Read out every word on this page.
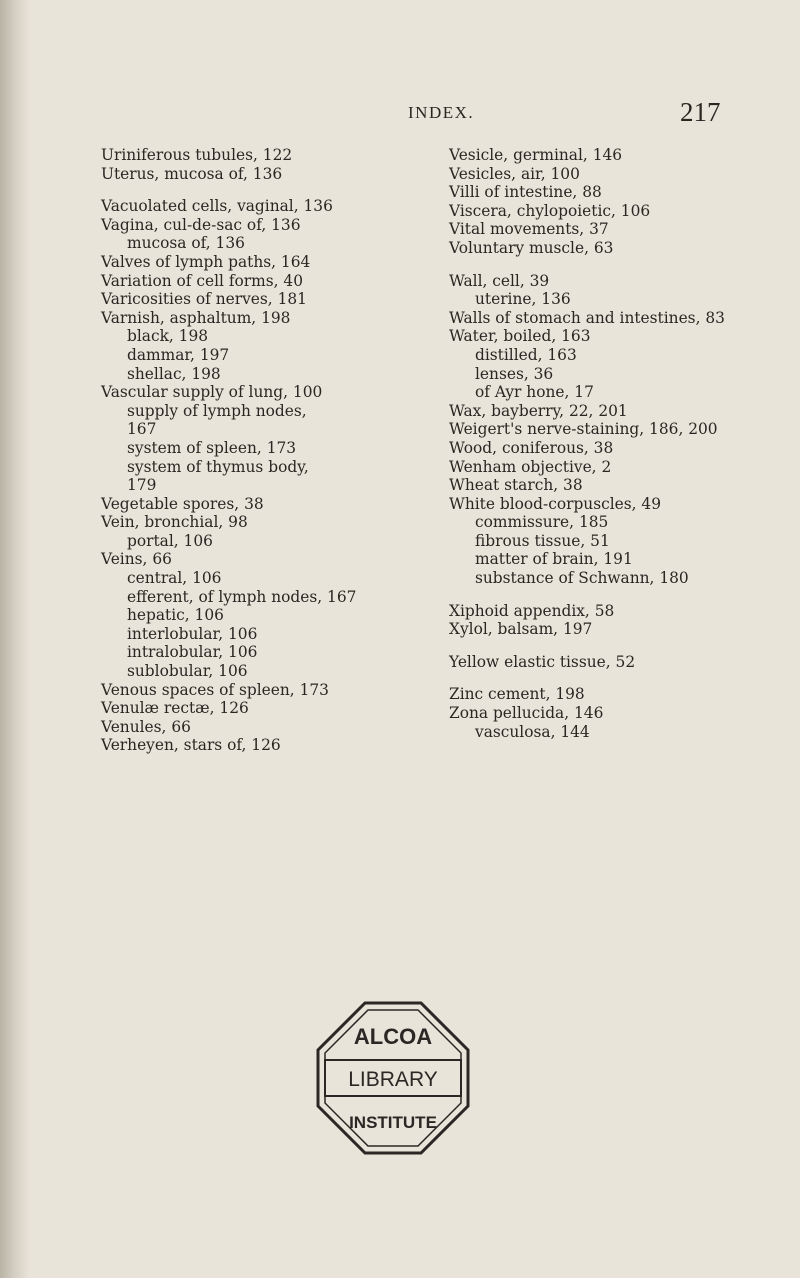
INDEX.	217
Uriniferous tubules, 122
Uterus, mucosa of, 136
Vacuolated cells, vaginal, 136
Vagina, cul-de-sac of, 136
mucosa of, 136
Valves of lymph paths, 164
Variation of cell forms, 40
Varicosities of nerves, 181
Varnish, asphaltum, 198
black, 198
dammar, 197
shellac, 198
Vascular supply of lung, 100
supply of lymph nodes,
167
system of spleen, 173
system of thymus body,
179
Vegetable spores, 38
Vein, bronchial, 98
portal, 106
Veins, 66
central, 106
efferent, of lymph nodes, 167
hepatic, 106
interlobular, 106
intralobular, 106
sublobular, 106
Venous spaces of spleen, 173
Venulæ rectæ, 126
Venules, 66
Verheyen, stars of, 126
Vesicle, germinal, 146
Vesicles, air, 100
Villi of intestine, 88
Viscera, chylopoietic, 106
Vital movements, 37
Voluntary muscle, 63
Wall, cell, 39
uterine, 136
Walls of stomach and intestines, 83
Water, boiled, 163
distilled, 163
lenses, 36
of Ayr hone, 17
Wax, bayberry, 22, 201
Weigert's nerve-staining, 186, 200
Wood, coniferous, 38
Wenham objective, 2
Wheat starch, 38
White blood-corpuscles, 49
commissure, 185
fibrous tissue, 51
matter of brain, 191
substance of Schwann, 180
Xiphoid appendix, 58
Xylol, balsam, 197
Yellow elastic tissue, 52
Zinc cement, 198
Zona pellucida, 146
vasculosa, 144
ALCOA
LIBRARY
INSTITUTE
